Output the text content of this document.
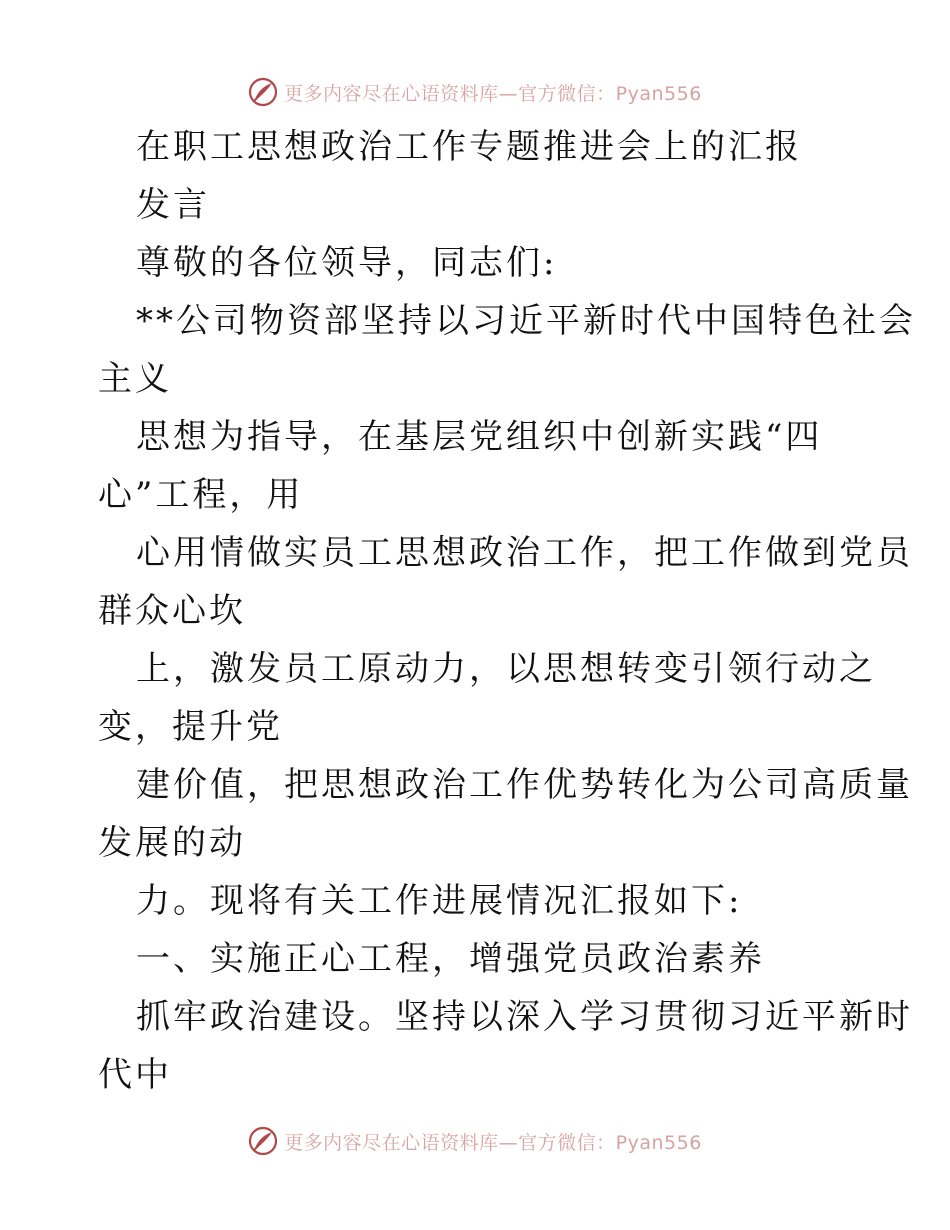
更多内容尽在心语资料库—官方微信：Pyan556
在职工思想政治工作专题推进会上的汇报
发言
尊敬的各位领导，同志们:
**公司物资部坚持以习近平新时代中国特色社会
主义
思想为指导，在基层党组织中创新实践“四
心”工程，用
心用情做实员工思想政治工作，把工作做到党员
群众心坎
上，激发员工原动力，以思想转变引领行动之
变，提升党
建价值，把思想政治工作优势转化为公司高质量
发展的动
力。现将有关工作进展情况汇报如下:
一、实施正心工程，增强党员政治素养
抓牢政治建设。坚持以深入学习贯彻习近平新时
代中
更多内容尽在心语资料库—官方微信：Pyan556
